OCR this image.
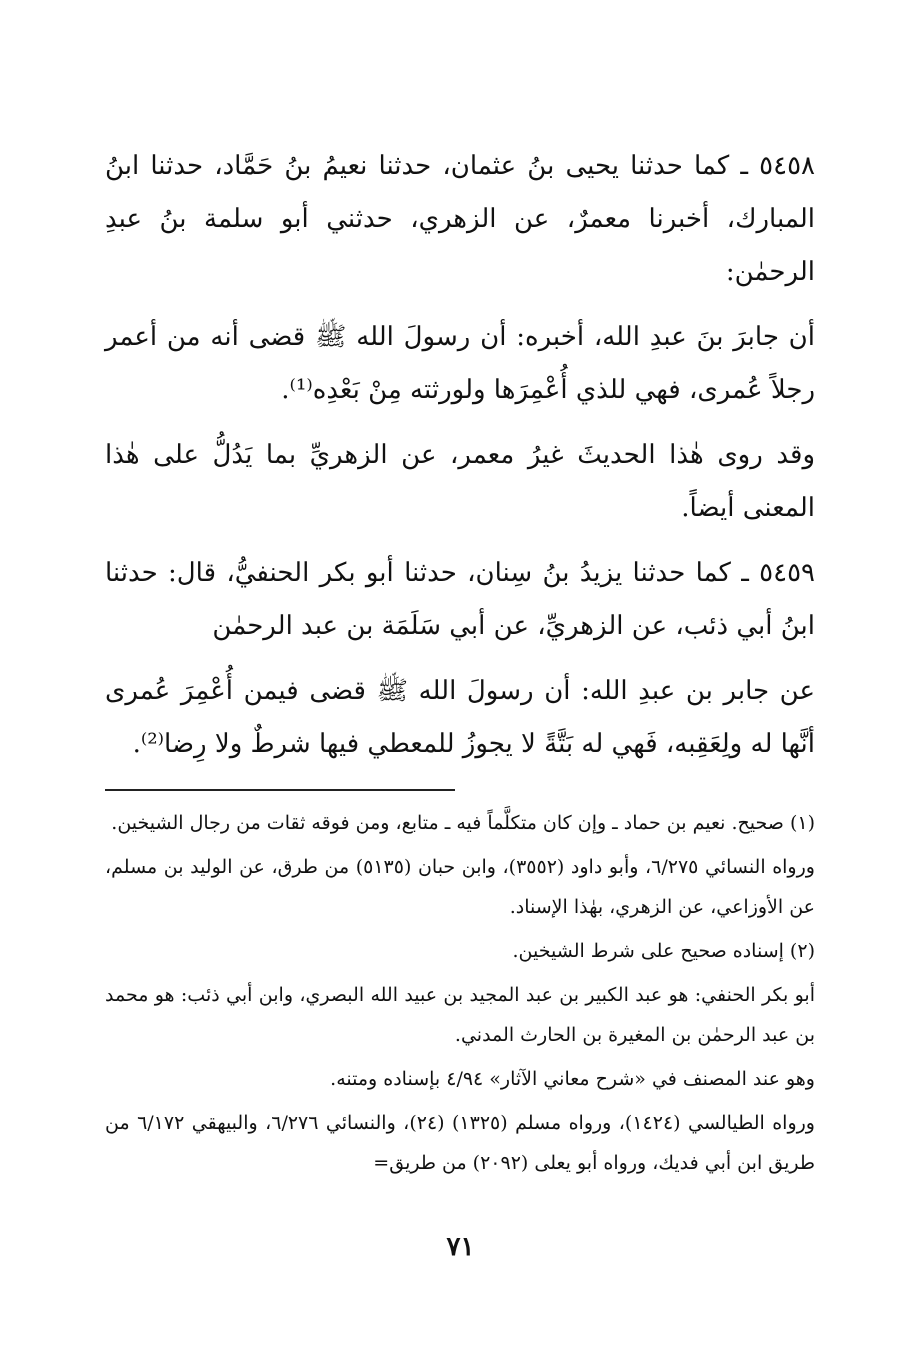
٥٤٥٨ ـ كما حدثنا يحيى بنُ عثمان، حدثنا نعيمُ بنُ حَمَّاد، حدثنا ابنُ المبارك، أخبرنا معمرٌ، عن الزهري، حدثني أبو سلمة بنُ عبدِ الرحمٰن:

أن جابرَ بنَ عبدِ الله، أخبره: أن رسولَ الله ﷺ قضى أنه من أعمر رجلاً عُمرى، فهي للذي أُعْمِرَها ولورثته مِنْ بَعْدِه⁽¹⁾.

وقد روى هٰذا الحديثَ غيرُ معمر، عن الزهريِّ بما يَدُلُّ على هٰذا المعنى أيضاً.

٥٤٥٩ ـ كما حدثنا يزيدُ بنُ سِنان، حدثنا أبو بكر الحنفيُّ، قال: حدثنا ابنُ أبي ذئب، عن الزهريِّ، عن أبي سَلَمَة بن عبد الرحمٰن

عن جابر بن عبدِ الله: أن رسولَ الله ﷺ قضى فيمن أُعْمِرَ عُمرى أنَّها له ولِعَقِبه، فَهي له بَتَّةً لا يجوزُ للمعطي فيها شرطٌ ولا رِضا⁽²⁾.

(١) صحيح. نعيم بن حماد ـ وإن كان متكلَّماً فيه ـ متابع، ومن فوقه ثقات من رجال الشيخين.

ورواه النسائي ٦/٢٧٥، وأبو داود (٣٥٥٢)، وابن حبان (٥١٣٥) من طرق، عن الوليد بن مسلم، عن الأوزاعي، عن الزهري، بهٰذا الإسناد.

(٢) إسناده صحيح على شرط الشيخين.

أبو بكر الحنفي: هو عبد الكبير بن عبد المجيد بن عبيد الله البصري، وابن أبي ذئب: هو محمد بن عبد الرحمٰن بن المغيرة بن الحارث المدني.

وهو عند المصنف في «شرح معاني الآثار» ٤/٩٤ بإسناده ومتنه.

ورواه الطيالسي (١٤٢٤)، ورواه مسلم (١٣٢٥) (٢٤)، والنسائي ٦/٢٧٦، والبيهقي ٦/١٧٢ من طريق ابن أبي فديك، ورواه أبو يعلى (٢٠٩٢) من طريق=

٧١
